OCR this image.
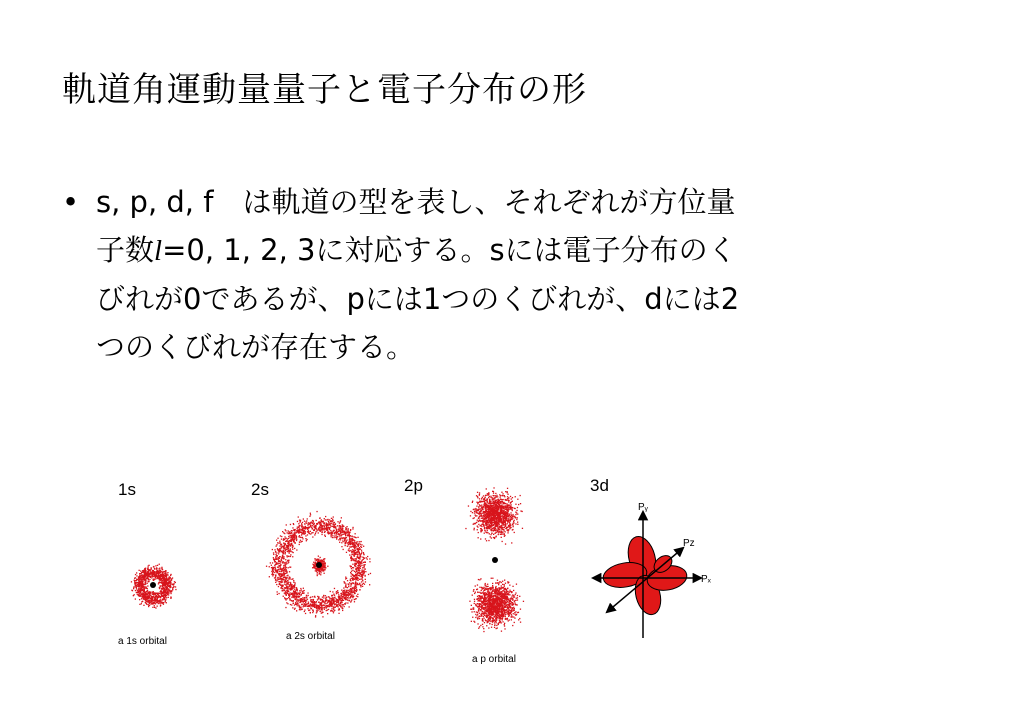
軌道角運動量量子と電子分布の形
• s, p, d, f　は軌道の型を表し、それぞれが方位量
子数l=0, 1, 2, 3に対応する。sには電子分布のく
びれが0であるが、pには1つのくびれが、dには2
つのくびれが存在する。
1s
a 1s orbital
2s
a 2s orbital
2p
a p orbital
3d
Pᵧ
Pz
Pₓ
